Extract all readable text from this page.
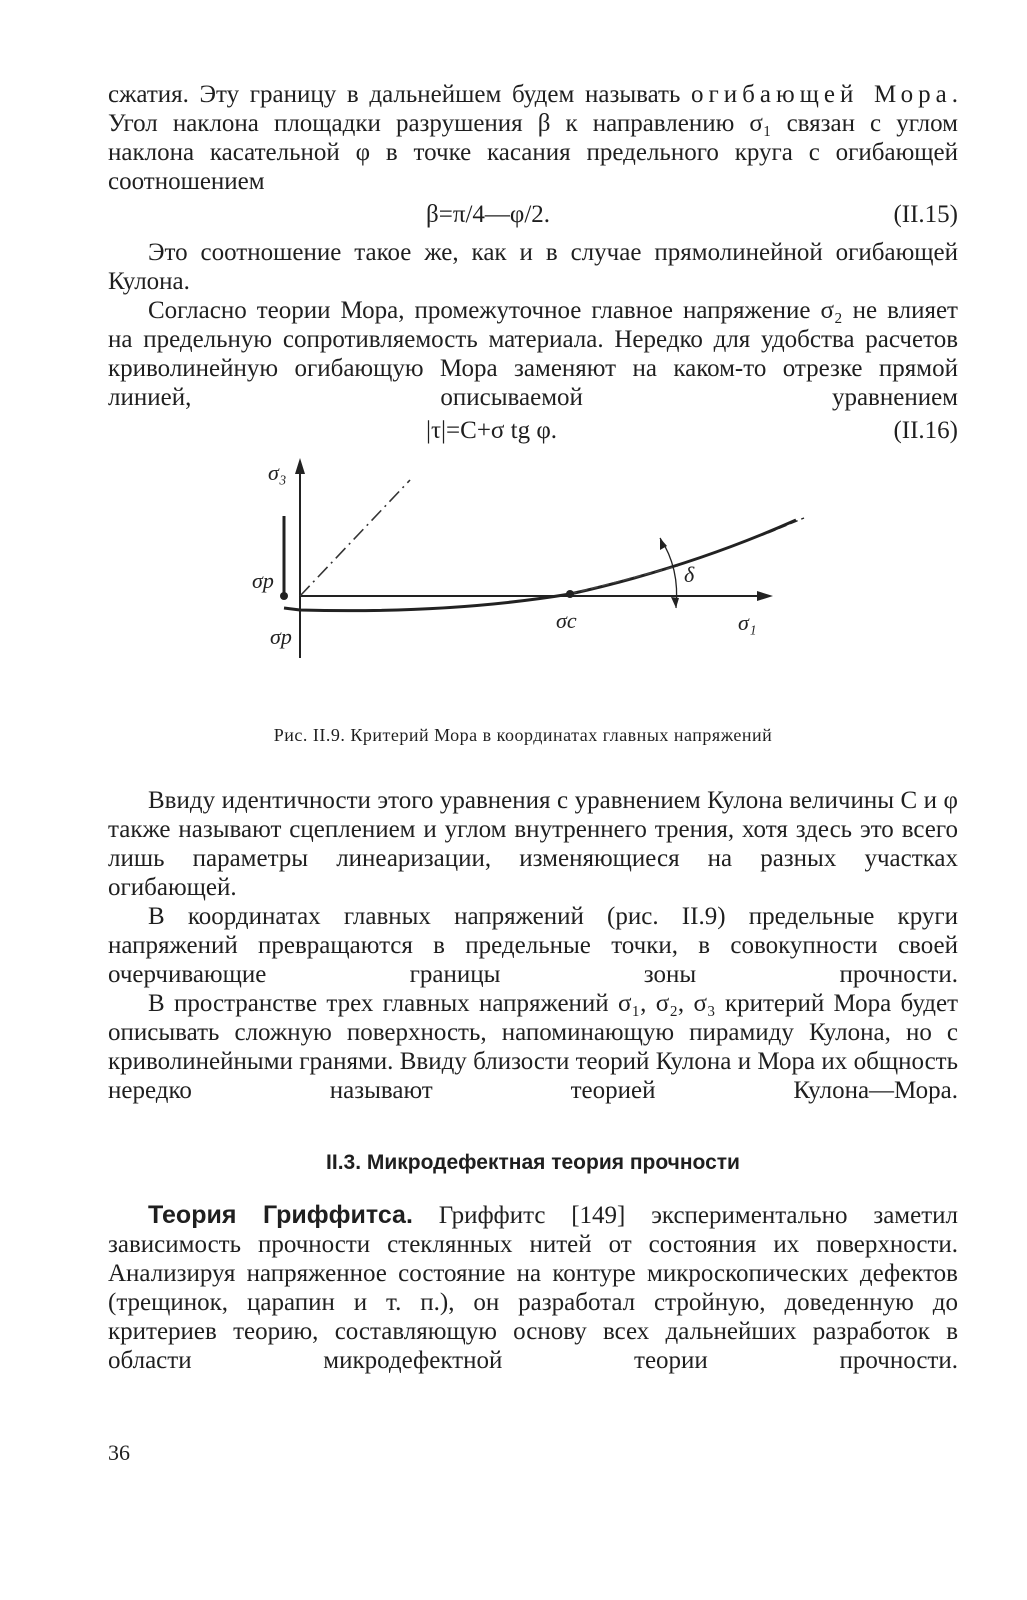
сжатия. Эту границу в дальнейшем будем называть огибающей Мора. Угол наклона площадки разрушения β к направлению σ₁ связан с углом наклона касательной φ в точке касания предельного круга с огибающей соотношением

β=π/4—φ/2.	(II.15)

Это соотношение такое же, как и в случае прямолинейной огибающей Кулона.

Согласно теории Мора, промежуточное главное напряжение σ₂ не влияет на предельную сопротивляемость материала. Нередко для удобства расчетов криволинейную огибающую Мора заменяют на каком-то отрезке прямой линией, описываемой уравнением

|τ|=C+σ tg φ.	(II.16)
σ₃
σp
σp
σc	σ₁
δ
Рис. II.9. Критерий Мора в координатах главных напряжений

Ввиду идентичности этого уравнения с уравнением Кулона величины C и φ также называют сцеплением и углом внутреннего трения, хотя здесь это всего лишь параметры линеаризации, изменяющиеся на разных участках огибающей.

В координатах главных напряжений (рис. II.9) предельные круги напряжений превращаются в предельные точки, в совокупности своей очерчивающие границы зоны прочности.

В пространстве трех главных напряжений σ₁, σ₂, σ₃ критерий Мора будет описывать сложную поверхность, напоминающую пирамиду Кулона, но с криволинейными гранями. Ввиду близости теорий Кулона и Мора их общность нередко называют теорией Кулона—Мора.

II.3. Микродефектная теория прочности

Теория Гриффитса. Гриффитс [149] экспериментально заметил зависимость прочности стеклянных нитей от состояния их поверхности. Анализируя напряженное состояние на контуре микроскопических дефектов (трещинок, царапин и т. п.), он разработал стройную, доведенную до критериев теорию, составляющую основу всех дальнейших разработок в области микродефектной теории прочности.

36
